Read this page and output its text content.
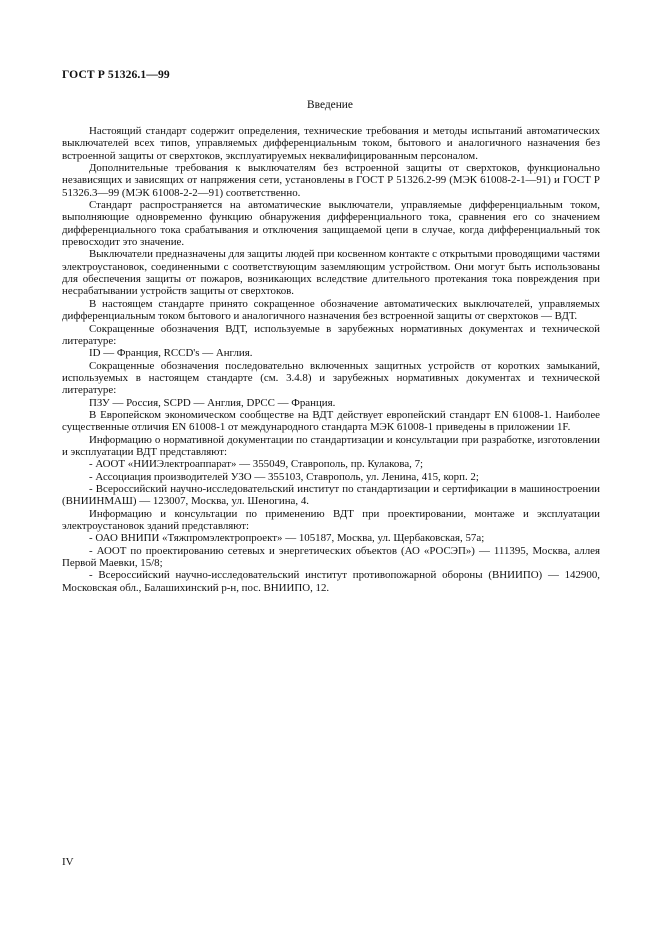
ГОСТ Р 51326.1—99
Введение

Настоящий стандарт содержит определения, технические требования и методы испытаний автоматических выключателей всех типов, управляемых дифференциальным током, бытового и аналогичного назначения без встроенной защиты от сверхтоков, эксплуатируемых неквалифицированным персоналом.

Дополнительные требования к выключателям без встроенной защиты от сверхтоков, функционально независящих и зависящих от напряжения сети, установлены в ГОСТ Р 51326.2-99 (МЭК 61008-2-1—91) и ГОСТ Р 51326.3—99 (МЭК 61008-2-2—91) соответственно.

Стандарт распространяется на автоматические выключатели, управляемые дифференциальным током, выполняющие одновременно функцию обнаружения дифференциального тока, сравнения его со значением дифференциального тока срабатывания и отключения защищаемой цепи в случае, когда дифференциальный ток превосходит это значение.

Выключатели предназначены для защиты людей при косвенном контакте с открытыми проводящими частями электроустановок, соединенными с соответствующим заземляющим устройством. Они могут быть использованы для обеспечения защиты от пожаров, возникающих вследствие длительного протекания тока повреждения при несрабатывании устройств защиты от сверхтоков.

В настоящем стандарте принято сокращенное обозначение автоматических выключателей, управляемых дифференциальным током бытового и аналогичного назначения без встроенной защиты от сверхтоков — ВДТ.

Сокращенные обозначения ВДТ, используемые в зарубежных нормативных документах и технической литературе:

ID — Франция, RCCD's — Англия.

Сокращенные обозначения последовательно включенных защитных устройств от коротких замыканий, используемых в настоящем стандарте (см. 3.4.8) и зарубежных нормативных документах и технической литературе:

ПЗУ — Россия, SCPD — Англия, DPCC — Франция.

В Европейском экономическом сообществе на ВДТ действует европейский стандарт EN 61008-1. Наиболее существенные отличия EN 61008-1 от международного стандарта МЭК 61008-1 приведены в приложении 1F.

Информацию о нормативной документации по стандартизации и консультации при разработке, изготовлении и эксплуатации ВДТ представляют:

- АООТ «НИИЭлектроаппарат» — 355049, Ставрополь, пр. Кулакова, 7;

- Ассоциация производителей УЗО — 355103, Ставрополь, ул. Ленина, 415, корп. 2;

- Всероссийский научно-исследовательский институт по стандартизации и сертификации в машиностроении (ВНИИНМАШ) — 123007, Москва, ул. Шеногина, 4.

Информацию и консультации по применению ВДТ при проектировании, монтаже и эксплуатации электроустановок зданий представляют:

- ОАО ВНИПИ «Тяжпромэлектропроект» — 105187, Москва, ул. Щербаковская, 57а;

- АООТ по проектированию сетевых и энергетических объектов (АО «РОСЭП») — 111395, Москва, аллея Первой Маевки, 15/8;

- Всероссийский научно-исследовательский институт противопожарной обороны (ВНИИПО) — 142900, Московская обл., Балашихинский р-н, пос. ВНИИПО, 12.

IV
